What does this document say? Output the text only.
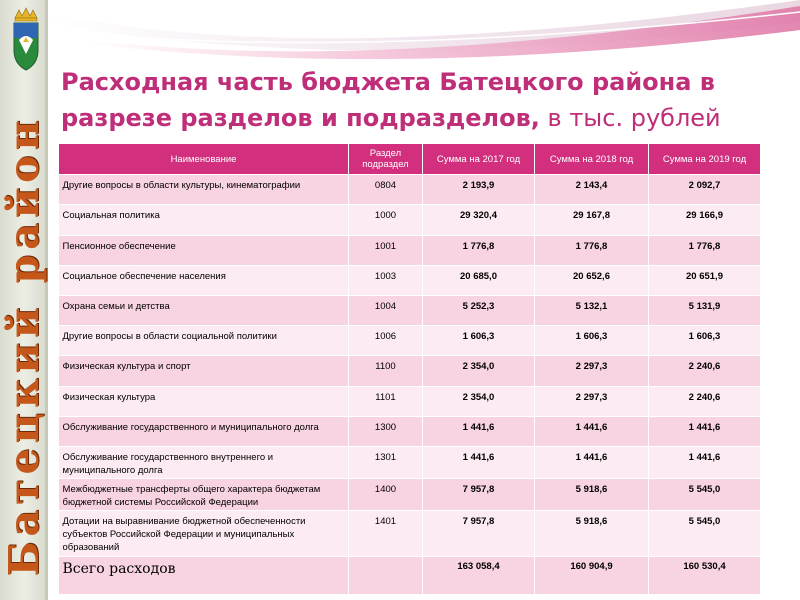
Батецкий район
Расходная часть бюджета Батецкого района в разрезе разделов и подразделов, в тыс. рублей
Наименование	Раздел подраздел	Сумма на 2017 год	Сумма на 2018 год	Сумма на 2019 год
Другие вопросы в области культуры, кинематографии	0804	2 193,9	2 143,4	2 092,7
Социальная политика	1000	29 320,4	29 167,8	29 166,9
Пенсионное обеспечение	1001	1 776,8	1 776,8	1 776,8
Социальное обеспечение населения	1003	20 685,0	20 652,6	20 651,9
Охрана семьи и детства	1004	5 252,3	5 132,1	5 131,9
Другие вопросы в области социальной политики	1006	1 606,3	1 606,3	1 606,3
Физическая культура и спорт	1100	2 354,0	2 297,3	2 240,6
Физическая культура	1101	2 354,0	2 297,3	2 240,6
Обслуживание государственного и муниципального долга	1300	1 441,6	1 441,6	1 441,6
Обслуживание государственного внутреннего и муниципального долга	1301	1 441,6	1 441,6	1 441,6
Межбюджетные трансферты общего характера бюджетам бюджетной системы Российской Федерации	1400	7 957,8	5 918,6	5 545,0
Дотации на выравнивание бюджетной обеспеченности субъектов Российской Федерации и муниципальных образований	1401	7 957,8	5 918,6	5 545,0
Всего расходов		163 058,4	160 904,9	160 530,4
